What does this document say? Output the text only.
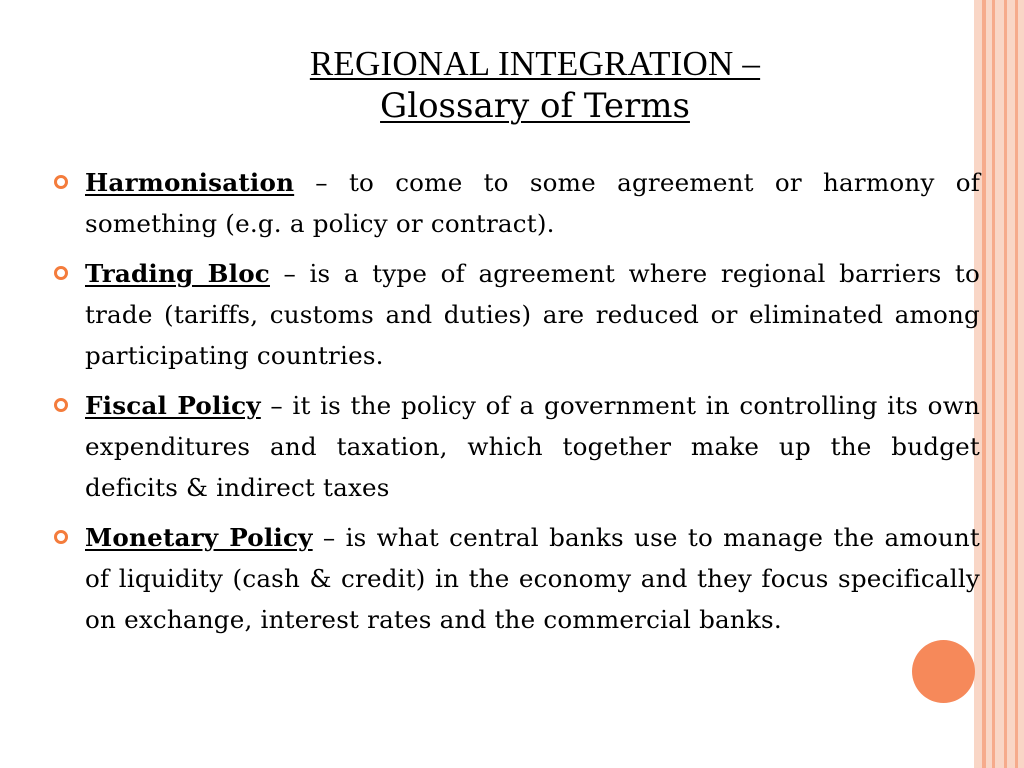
REGIONAL INTEGRATION –
Glossary of Terms
Harmonisation – to come to some agreement or harmony of something (e.g. a policy or contract).
Trading Bloc – is a type of agreement where regional barriers to trade (tariffs, customs and duties) are reduced or eliminated among participating countries.
Fiscal Policy – it is the policy of a government in controlling its own expenditures and taxation, which together make up the budget deficits & indirect taxes
Monetary Policy – is what central banks use to manage the amount of liquidity (cash & credit) in the economy and they focus specifically on exchange, interest rates and the commercial banks.
